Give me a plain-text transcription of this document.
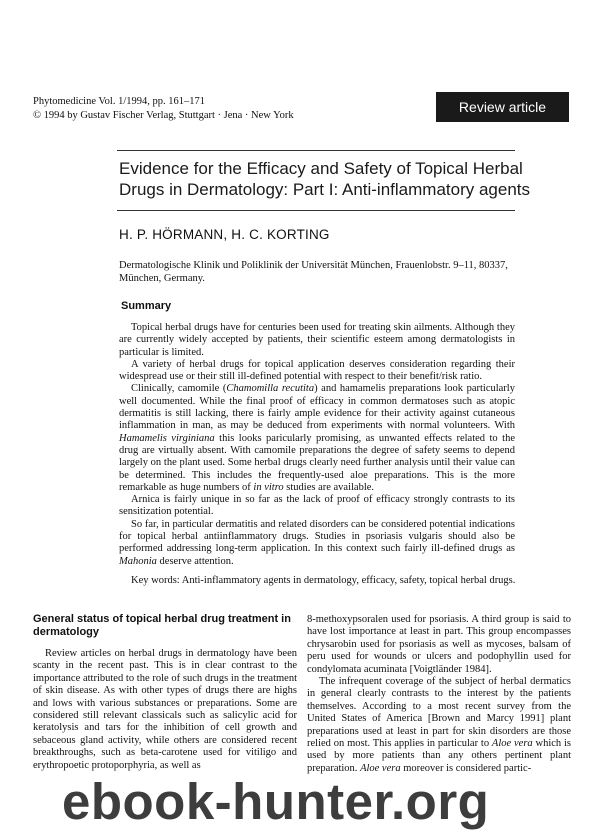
Phytomedicine Vol. 1/1994, pp. 161–171
© 1994 by Gustav Fischer Verlag, Stuttgart · Jena · New York	Review article
Evidence for the Efficacy and Safety of Topical Herbal
Drugs in Dermatology: Part I: Anti-inflammatory agents
H. P. HÖRMANN, H. C. KORTING
Dermatologische Klinik und Poliklinik der Universität München, Frauenlobstr. 9–11, 80337, München, Germany.
Summary

Topical herbal drugs have for centuries been used for treating skin ailments. Although they are currently widely accepted by patients, their scientific esteem among dermatologists in particular is limited.

A variety of herbal drugs for topical application deserves consideration regarding their widespread use or their still ill-defined potential with respect to their benefit/risk ratio.

Clinically, camomile (Chamomilla recutita) and hamamelis preparations look particularly well documented. While the final proof of efficacy in common dermatoses such as atopic dermatitis is still lacking, there is fairly ample evidence for their activity against cutaneous inflammation in man, as may be deduced from experiments with normal volunteers. With Hamamelis virginiana this looks paricularly promising, as unwanted effects related to the drug are virtually absent. With camomile preparations the degree of safety seems to depend largely on the plant used. Some herbal drugs clearly need further analysis until their value can be determined. This includes the frequently-used aloe preparations. This is the more remarkable as huge numbers of in vitro studies are available.

Arnica is fairly unique in so far as the lack of proof of efficacy strongly contrasts to its sensitization potential.

So far, in particular dermatitis and related disorders can be considered potential indications for topical herbal antiinflammatory drugs. Studies in psoriasis vulgaris should also be performed addressing long-term application. In this context such fairly ill-defined drugs as Mahonia deserve attention.

Key words: Anti-inflammatory agents in dermatology, efficacy, safety, topical herbal drugs.
General status of topical herbal drug treatment in dermatology

Review articles on herbal drugs in dermatology have been scanty in the recent past. This is in clear contrast to the importance attributed to the role of such drugs in the treatment of skin disease. As with other types of drugs there are highs and lows with various substances or preparations. Some are considered still relevant classicals such as salicylic acid for keratolysis and tars for the inhibition of cell growth and sebaceous gland activity, while others are considered recent breakthroughs, such as beta-carotene used for vitiligo and erythropoetic protoporphyria, as well as

8-methoxypsoralen used for psoriasis. A third group is said to have lost importance at least in part. This group encompasses chrysarobin used for psoriasis as well as mycoses, balsam of peru used for wounds or ulcers and podophyllin used for condylomata acuminata [Voigtländer 1984].

The infrequent coverage of the subject of herbal dermatics in general clearly contrasts to the interest by the patients themselves. According to a most recent survey from the United States of America [Brown and Marcy 1991] plant preparations used at least in part for skin disorders are those relied on most. This applies in particular to Aloe vera which is used by more patients than any others pertinent plant preparation. Aloe vera moreover is considered partic-

ebook-hunter.org
